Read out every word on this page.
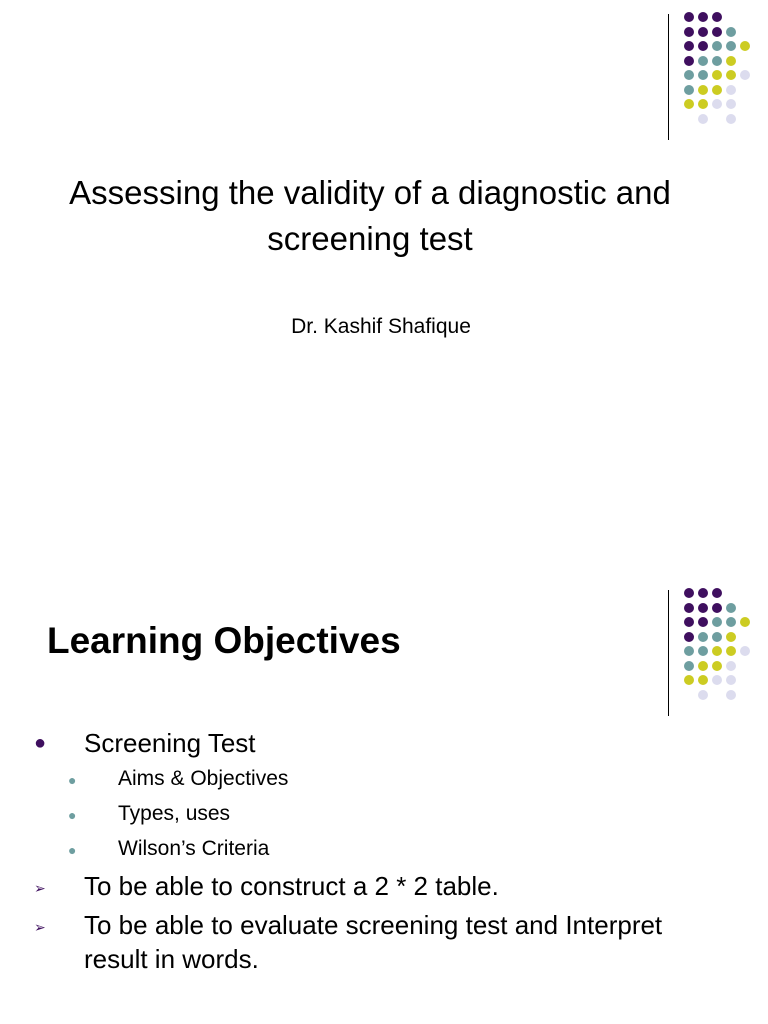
Assessing the validity of a diagnostic and screening test

Dr. Kashif Shafique

Learning Objectives
● Screening Test
● Aims & Objectives
● Types, uses
● Wilson’s Criteria
➢ To be able to construct a 2 * 2 table.
➢ To be able to evaluate screening test and Interpret result in words.
